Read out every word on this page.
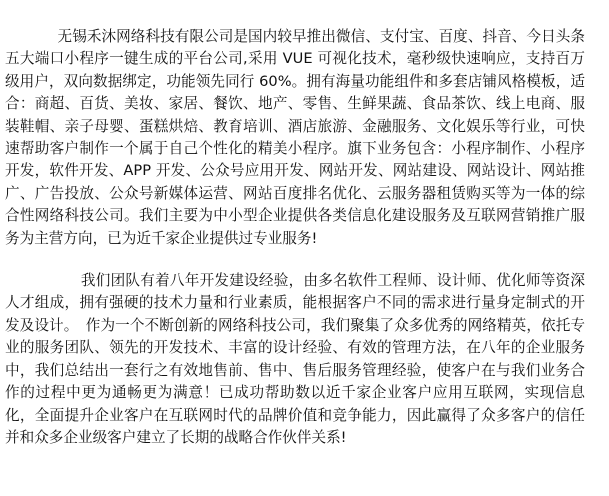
无锡禾沐网络科技有限公司是国内较早推出微信、支付宝、百度、抖音、今日头条五大端口小程序一键生成的平台公司,采用 VUE 可视化技术，毫秒级快速响应，支持百万级用户，双向数据绑定，功能领先同行 60%。拥有海量功能组件和多套店铺风格模板，适合：商超、百货、美妆、家居、餐饮、地产、零售、生鲜果蔬、食品茶饮、线上电商、服装鞋帽、亲子母婴、蛋糕烘焙、教育培训、酒店旅游、金融服务、文化娱乐等行业，可快速帮助客户制作一个属于自己个性化的精美小程序。旗下业务包含：小程序制作、小程序开发，软件开发、APP 开发、公众号应用开发、网站开发、网站建设、网站设计、网站推广、广告投放、公众号新媒体运营、网站百度排名优化、云服务器租赁购买等为一体的综合性网络科技公司。我们主要为中小型企业提供各类信息化建设服务及互联网营销推广服务为主营方向，已为近千家企业提供过专业服务!

我们团队有着八年开发建设经验，由多名软件工程师、设计师、优化师等资深人才组成，拥有强硬的技术力量和行业素质，能根据客户不同的需求进行量身定制式的开发及设计。　作为一个不断创新的网络科技公司，我们聚集了众多优秀的网络精英，依托专业的服务团队、领先的开发技术、丰富的设计经验、有效的管理方法，在八年的企业服务中，我们总结出一套行之有效地售前、售中、售后服务管理经验，使客户在与我们业务合作的过程中更为通畅更为满意！已成功帮助数以近千家企业客户应用互联网，实现信息化，全面提升企业客户在互联网时代的品牌价值和竞争能力，因此赢得了众多客户的信任并和众多企业级客户建立了长期的战略合作伙伴关系!
